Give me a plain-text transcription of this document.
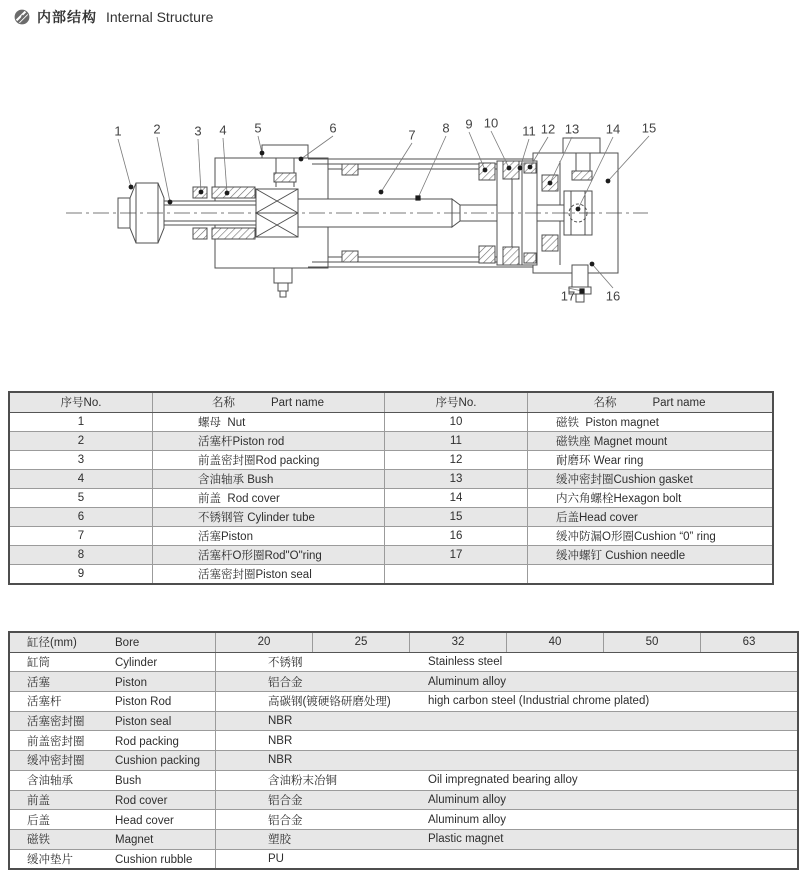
内部结构 Internal Structure
1 2	3 4 5	6	7 8 9 10
11 12 13 14 15
16
17
序号No.	名称 Part name	序号No.	名称 Part name
1	螺母  Nut	10	磁铁  Piston magnet
2	活塞杆Piston rod	11	磁铁座 Magnet mount
3	前盖密封圈Rod packing	12	耐磨环 Wear ring
4	含油轴承 Bush	13	缓冲密封圈Cushion gasket
5	前盖  Rod cover	14	内六角螺栓Hexagon bolt
6	不锈钢管 Cylinder tube	15	后盖Head cover
7	活塞Piston	16	缓冲防漏O形圈Cushion “0” ring
8	活塞杆O形圈Rod"O"ring	17	缓冲螺钉 Cushion needle
9	活塞密封圈Piston seal		
缸径(mm) Bore	20	25	32	40	50	63
缸筒 Cylinder	不锈钢 Stainless steel					

活塞 Piston	铝合金 Aluminum alloy					

活塞杆 Piston Rod	高碳钢(镀硬铬研磨处理) high carbon steel (Industrial chrome plated)					

活塞密封圈 Piston seal	NBR					

前盖密封圈 Rod packing	NBR					

缓冲密封圈 Cushion packing	NBR					

含油轴承 Bush	含油粉末冶铜 Oil impregnated bearing alloy					

前盖 Rod cover	铝合金 Aluminum alloy					

后盖 Head cover	铝合金 Aluminum alloy					

磁铁 Magnet	塑胶 Plastic magnet					

缓冲垫片 Cushion rubble	PU					
